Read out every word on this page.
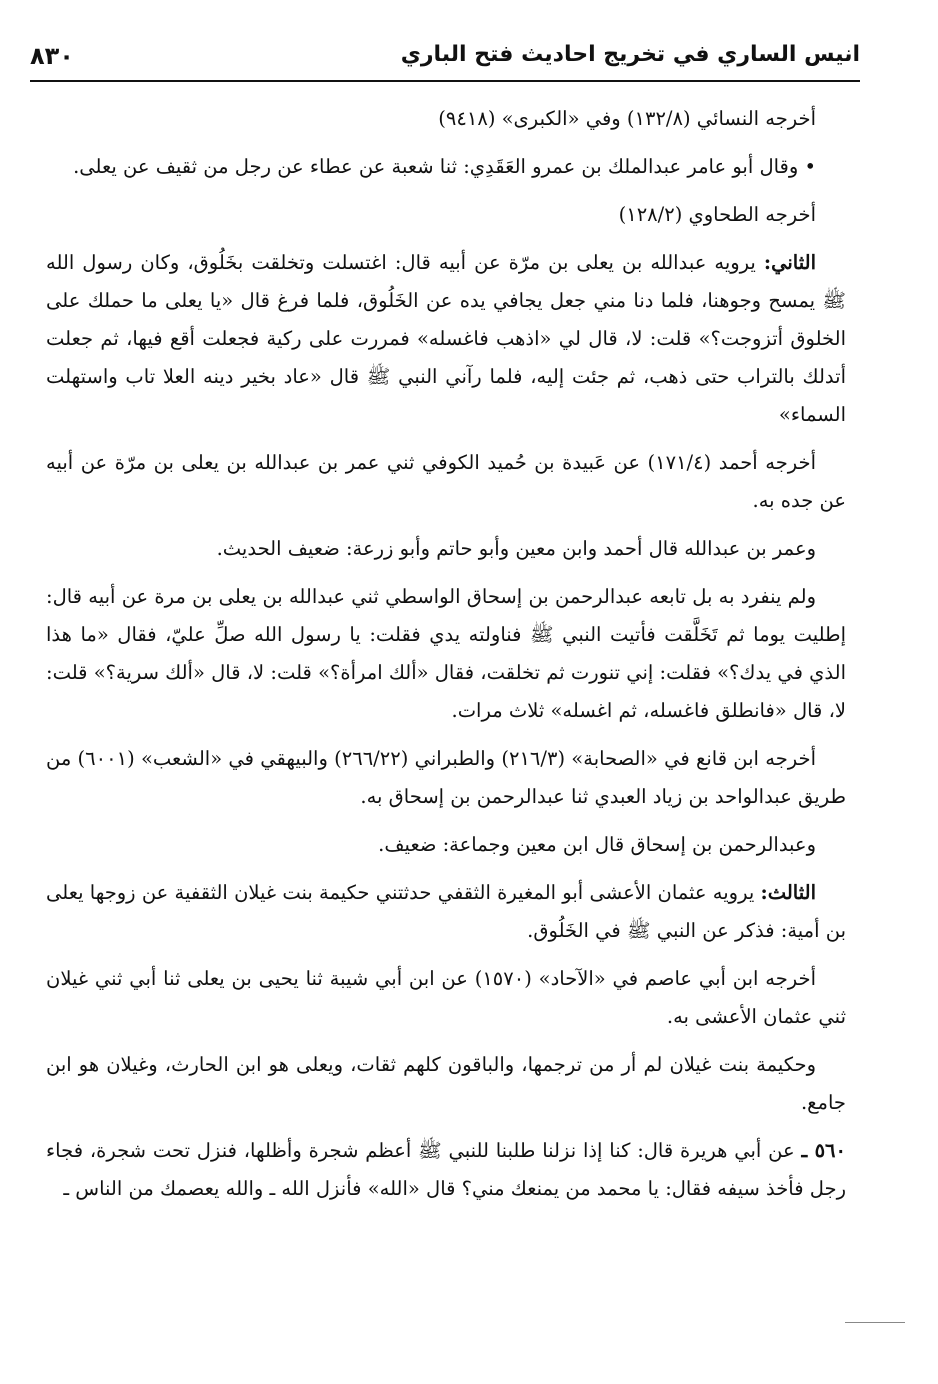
انيس الساري في تخريج احاديث فتح الباري
٨٣٠

أخرجه النسائي (١٣٢/٨) وفي «الكبرى» (٩٤١٨)

• وقال أبو عامر عبدالملك بن عمرو العَقَدِي: ثنا شعبة عن عطاء عن رجل من ثقيف عن يعلى.

أخرجه الطحاوي (١٢٨/٢)

الثاني: يرويه عبدالله بن يعلى بن مرّة عن أبيه قال: اغتسلت وتخلقت بخَلُوق، وكان رسول الله ﷺ يمسح وجوهنا، فلما دنا مني جعل يجافي يده عن الخَلُوق، فلما فرغ قال «يا يعلى ما حملك على الخلوق أتزوجت؟» قلت: لا، قال لي «اذهب فاغسله» فمررت على ركية فجعلت أقع فيها، ثم جعلت أتدلك بالتراب حتى ذهب، ثم جئت إليه، فلما رآني النبي ﷺ قال «عاد بخير دينه العلا تاب واستهلت السماء»

أخرجه أحمد (١٧١/٤) عن عَبيدة بن حُميد الكوفي ثني عمر بن عبدالله بن يعلى بن مرّة عن أبيه عن جده به.

وعمر بن عبدالله قال أحمد وابن معين وأبو حاتم وأبو زرعة: ضعيف الحديث.

ولم ينفرد به بل تابعه عبدالرحمن بن إسحاق الواسطي ثني عبدالله بن يعلى بن مرة عن أبيه قال: إطليت يوما ثم تَخَلَّقت فأتيت النبي ﷺ فناولته يدي فقلت: يا رسول الله صلِّ عليّ، فقال «ما هذا الذي في يدك؟» فقلت: إني تنورت ثم تخلقت، فقال «ألك امرأة؟» قلت: لا، قال «ألك سرية؟» قلت: لا، قال «فانطلق فاغسله، ثم اغسله» ثلاث مرات.

أخرجه ابن قانع في «الصحابة» (٢١٦/٣) والطبراني (٢٦٦/٢٢) والبيهقي في «الشعب» (٦٠٠١) من طريق عبدالواحد بن زياد العبدي ثنا عبدالرحمن بن إسحاق به.

وعبدالرحمن بن إسحاق قال ابن معين وجماعة: ضعيف.

الثالث: يرويه عثمان الأعشى أبو المغيرة الثقفي حدثتني حكيمة بنت غيلان الثقفية عن زوجها يعلى بن أمية: فذكر عن النبي ﷺ في الخَلُوق.

أخرجه ابن أبي عاصم في «الآحاد» (١٥٧٠) عن ابن أبي شيبة ثنا يحيى بن يعلى ثنا أبي ثني غيلان ثني عثمان الأعشى به.

وحكيمة بنت غيلان لم أر من ترجمها، والباقون كلهم ثقات، ويعلى هو ابن الحارث، وغيلان هو ابن جامع.

٥٦٠ ـ عن أبي هريرة قال: كنا إذا نزلنا طلبنا للنبي ﷺ أعظم شجرة وأظلها، فنزل تحت شجرة، فجاء رجل فأخذ سيفه فقال: يا محمد من يمنعك مني؟ قال «الله» فأنزل الله ـ والله يعصمك من الناس ـ
